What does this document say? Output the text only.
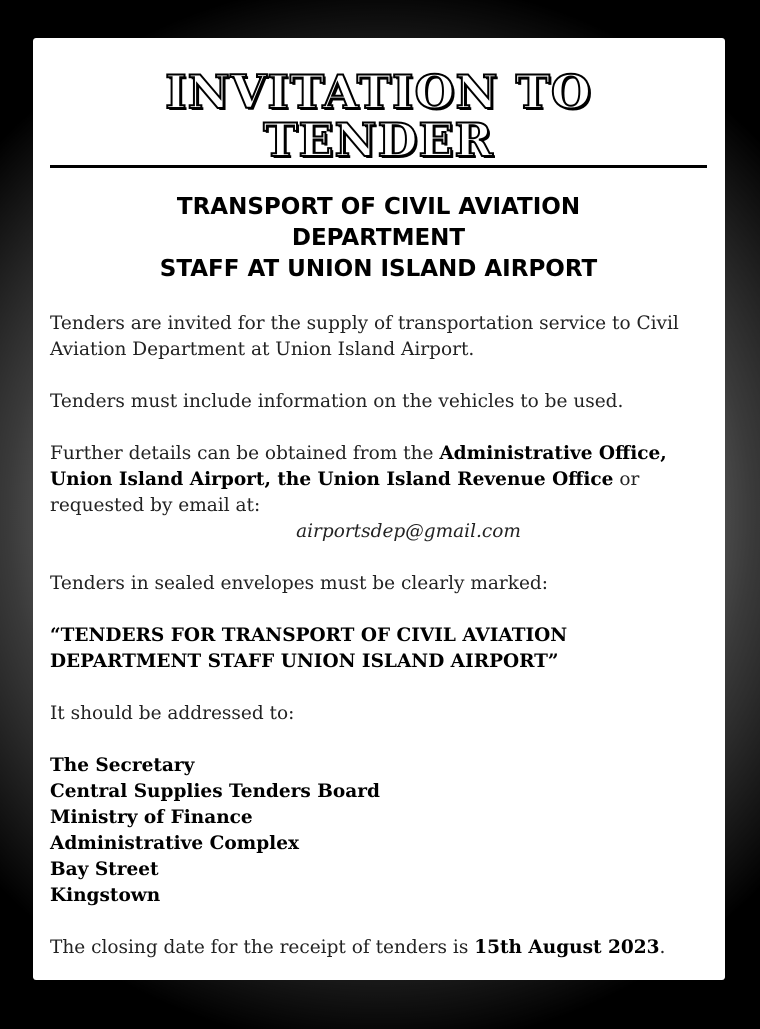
INVITATION TO TENDER
TRANSPORT OF CIVIL AVIATION
DEPARTMENT
STAFF AT UNION ISLAND AIRPORT

Tenders are invited for the supply of transportation service to Civil Aviation Department at Union Island Airport.

Tenders must include information on the vehicles to be used.

Further details can be obtained from the Administrative Office, Union Island Airport, the Union Island Revenue Office or requested by email at:
airportsdep@gmail.com

Tenders in sealed envelopes must be clearly marked:

“TENDERS FOR TRANSPORT OF CIVIL AVIATION DEPARTMENT STAFF UNION ISLAND AIRPORT”

It should be addressed to:

The Secretary
Central Supplies Tenders Board
Ministry of Finance
Administrative Complex
Bay Street
Kingstown

The closing date for the receipt of tenders is 15th August 2023.
